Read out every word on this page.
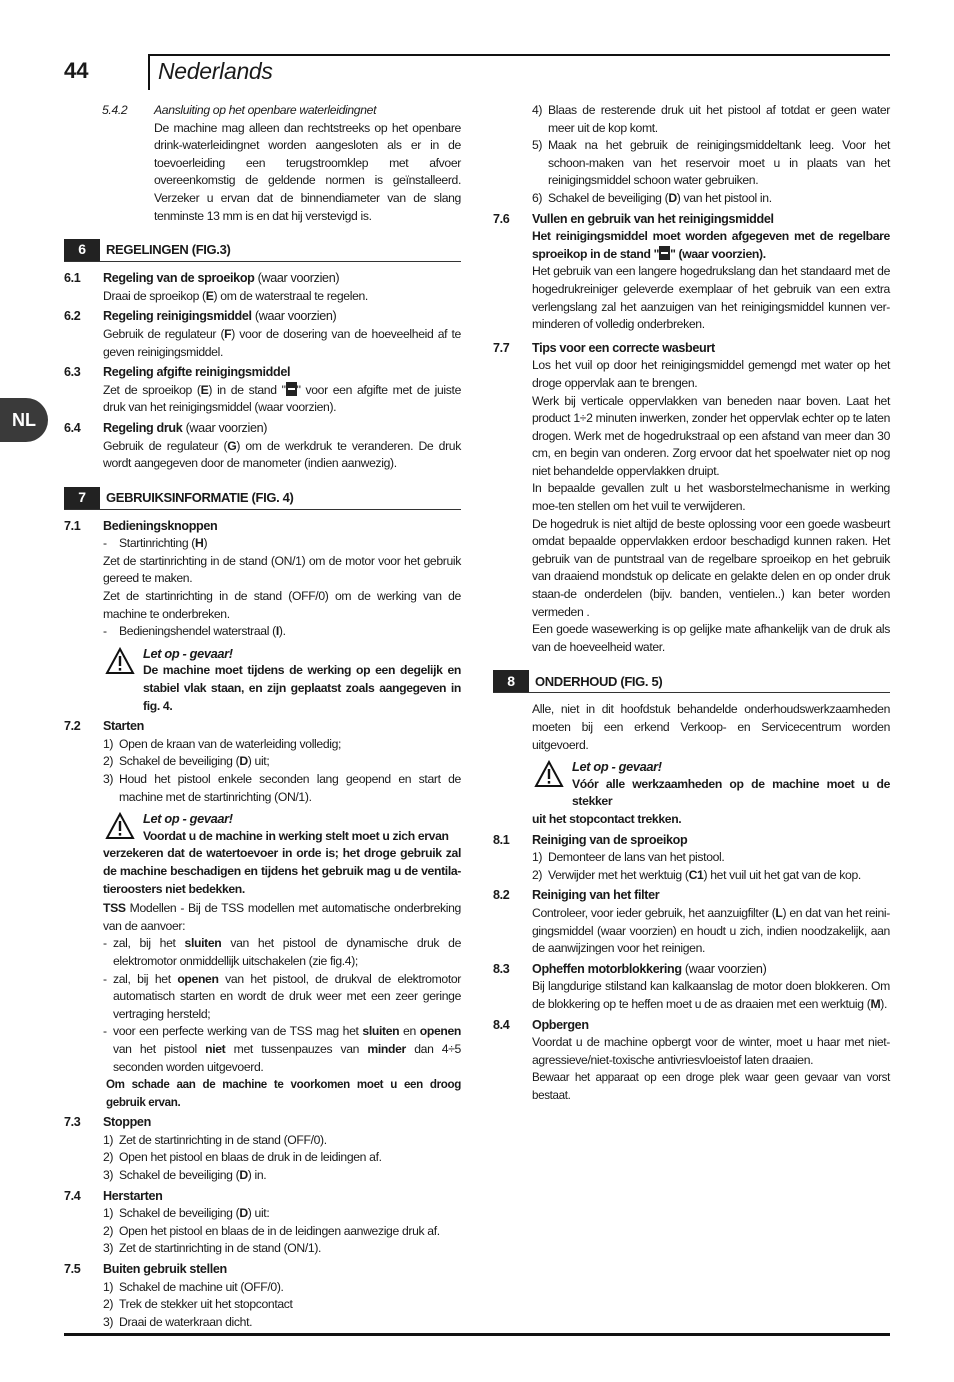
44	Nederlands
NL
5.4.2	Aansluiting op het openbare waterleidingnet
De machine mag alleen dan rechtstreeks op het openbare drink-waterleidingnet worden aangesloten als er in de toevoerleiding een terugstroomklep met afvoer overeenkomstig de geldende normen is geïnstalleerd. Verzeker u ervan dat de binnendiameter van de slang tenminste 13 mm is en dat hij verstevigd is.
6	REGELINGEN (FIG.3)
6.1	Regeling van de sproeikop (waar voorzien)
Draai de sproeikop (E) om de waterstraal te regelen.
6.2	Regeling reinigingsmiddel (waar voorzien)
Gebruik de regulateur (F) voor de dosering van de hoeveelheid af te geven reinigingsmiddel.
6.3	Regeling afgifte reinigingsmiddel
Zet de sproeikop (E) in de stand " " voor een afgifte met de juiste druk van het reinigingsmiddel (waar voorzien).
6.4	Regeling druk (waar voorzien)
Gebruik de regulateur (G) om de werkdruk te veranderen. De druk wordt aangegeven door de manometer (indien aanwezig).
7	GEBRUIKSINFORMATIE (FIG. 4)
7.1	Bedieningsknoppen
-	Startinrichting (H)

Zet de startinrichting in de stand (ON/1) om de motor voor het gebruik gereed te maken.

Zet de startinrichting in de stand (OFF/0) om de werking van de machine te onderbreken.

-	Bedieningshendel waterstraal (I).
Let op - gevaar!
De machine moet tijdens de werking op een degelijk en stabiel vlak staan, en zijn geplaatst zoals aangegeven in fig. 4.
7.2	Starten
1) Open de kraan van de waterleiding volledig;
2) Schakel de beveiliging (D) uit;
3) Houd het pistool enkele seconden lang geopend en start de machine met de startinrichting (ON/1).
Let op - gevaar!
Voordat u de machine in werking stelt moet u zich ervan
verzekeren dat de watertoevoer in orde is; het droge gebruik zal de machine beschadigen en tijdens het gebruik mag u de ventila-tieroosters niet bedekken.
TSS Modellen - Bij de TSS modellen met automatische onderbreking van de aanvoer:
- zal, bij het sluiten van het pistool de dynamische druk de elektromotor onmiddellijk uitschakelen (zie fig.4);
- zal, bij het openen van het pistool, de drukval de elektromotor automatisch starten en wordt de druk weer met een zeer geringe vertraging hersteld;
- voor een perfecte werking van de TSS mag het sluiten en openen van het pistool niet met tussenpauzes van minder dan 4÷5 seconden worden uitgevoerd.
Om schade aan de machine te voorkomen moet u een droog gebruik ervan.
7.3	Stoppen
1) Zet de startinrichting in de stand (OFF/0).
2) Open het pistool en blaas de druk in de leidingen af.
3) Schakel de beveiliging (D) in.
7.4	Herstarten
1) Schakel de beveiliging (D) uit:
2) Open het pistool en blaas de in de leidingen aanwezige druk af.
3) Zet de startinrichting in de stand (ON/1).
7.5	Buiten gebruik stellen
1) Schakel de machine uit (OFF/0).
2) Trek de stekker uit het stopcontact
3) Draai de waterkraan dicht.
4) Blaas de resterende druk uit het pistool af totdat er geen water meer uit de kop komt.
5) Maak na het gebruik de reinigingsmiddeltank leeg. Voor het schoon-maken van het reservoir moet u in plaats van het reinigingsmiddel schoon water gebruiken.
6) Schakel de beveiliging (D) van het pistool in.
7.6	Vullen en gebruik van het reinigingsmiddel
Het reinigingsmiddel moet worden afgegeven met de regelbare sproeikop in de stand " " (waar voorzien).
Het gebruik van een langere hogedrukslang dan het standaard met de hogedrukreiniger geleverde exemplaar of het gebruik van een extra verlengslang zal het aanzuigen van het reinigingsmiddel kunnen ver-minderen of volledig onderbreken.
7.7	Tips voor een correcte wasbeurt

Los het vuil op door het reinigingsmiddel gemengd met water op het droge oppervlak aan te brengen.

Werk bij verticale oppervlakken van beneden naar boven. Laat het product 1÷2 minuten inwerken, zonder het oppervlak echter op te laten drogen. Werk met de hogedrukstraal op een afstand van meer dan 30 cm, en begin van onderen. Zorg ervoor dat het spoelwater niet op nog niet behandelde oppervlakken druipt.

In bepaalde gevallen zult u het wasborstelmechanisme in werking moe-ten stellen om het vuil te verwijderen.

De hogedruk is niet altijd de beste oplossing voor een goede wasbeurt omdat bepaalde oppervlakken erdoor beschadigd kunnen raken. Het gebruik van de puntstraal van de regelbare sproeikop en het gebruik van draaiend mondstuk op delicate en gelakte delen en op onder druk staan-de onderdelen (bijv. banden, ventielen..) kan beter worden vermeden .

Een goede wasewerking is op gelijke mate afhankelijk van de druk als van de hoeveelheid water.

8	ONDERHOUD (FIG. 5)
Alle, niet in dit hoofdstuk behandelde onderhoudswerkzaamheden moeten bij een erkend Verkoop- en Servicecentrum worden uitgevoerd.
Let op - gevaar!
Vóór alle werkzaamheden op de machine moet u de stekker
uit het stopcontact trekken.
8.1	Reiniging van de sproeikop
1) Demonteer de lans van het pistool.
2) Verwijder met het werktuig (C1) het vuil uit het gat van de kop.
8.2	Reiniging van het filter
Controleer, voor ieder gebruik, het aanzuigfilter (L) en dat van het reini-gingsmiddel (waar voorzien) en houdt u zich, indien noodzakelijk, aan de aanwijzingen voor het reinigen.
8.3	Opheffen motorblokkering (waar voorzien)
Bij langdurige stilstand kan kalkaanslag de motor doen blokkeren. Om de blokkering op te heffen moet u de as draaien met een werktuig (M).
8.4	Opbergen

Voordat u de machine opbergt voor de winter, moet u haar met niet-agressieve/niet-toxische antivriesvloeistof laten draaien.

Bewaar het apparaat op een droge plek waar geen gevaar van vorst bestaat.
